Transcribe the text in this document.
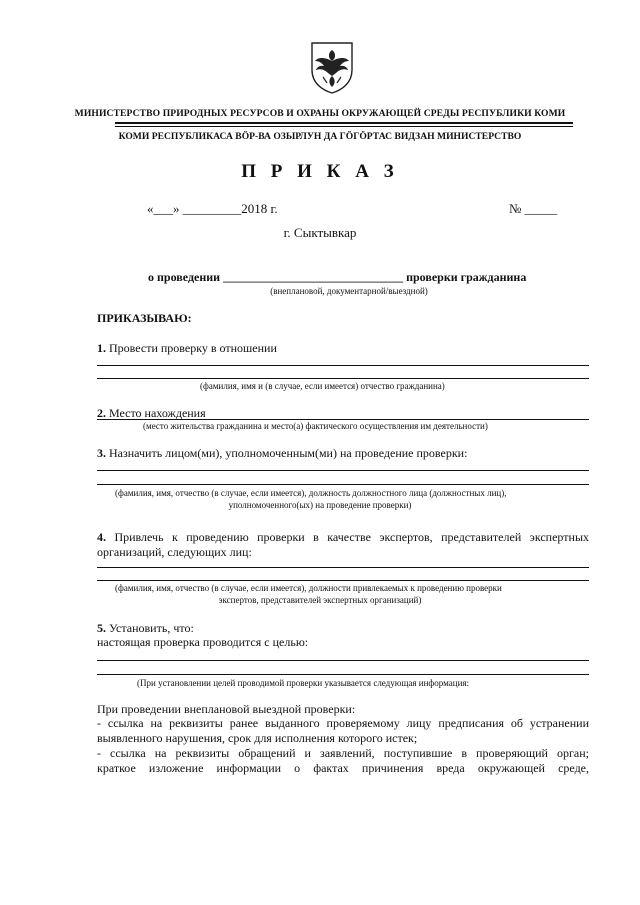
МИНИСТЕРСТВО ПРИРОДНЫХ РЕСУРСОВ И ОХРАНЫ ОКРУЖАЮЩЕЙ СРЕДЫ РЕСПУБЛИКИ КОМИ
КОМИ РЕСПУБЛИКАСА ВÖР-ВА ОЗЫРЛУН ДА ГÖГÖРТАС ВИДЗАН МИНИСТЕРСТВО
П Р И К А З
«___» _________2018 г.	№ _____
г. Сыктывкар
о проведении ______________________________ проверки гражданина
(внеплановой, документарной/выездной)
ПРИКАЗЫВАЮ:
1. Провести проверку в отношении
(фамилия, имя и (в случае, если имеется) отчество гражданина)
2. Место нахождения
(место жительства гражданина и место(а) фактического осуществления им деятельности)
3. Назначить лицом(ми), уполномоченным(ми) на проведение проверки:
(фамилия, имя, отчество (в случае, если имеется), должность должностного лица (должностных лиц),
уполномоченного(ых) на проведение проверки)
4. Привлечь к проведению проверки в качестве экспертов, представителей экспертных
организаций, следующих лиц:
(фамилия, имя, отчество (в случае, если имеется), должности привлекаемых к проведению проверки
экспертов, представителей экспертных организаций)
5. Установить, что:
настоящая проверка проводится с целью:
(При установлении целей проводимой проверки указывается следующая информация:
При проведении внеплановой выездной проверки:
- ссылка на реквизиты ранее выданного проверяемому лицу предписания об устранении
выявленного нарушения, срок для исполнения которого истек;
- ссылка на реквизиты обращений и заявлений, поступившие в проверяющий орган;
краткое изложение информации о фактах причинения вреда окружающей среде,
